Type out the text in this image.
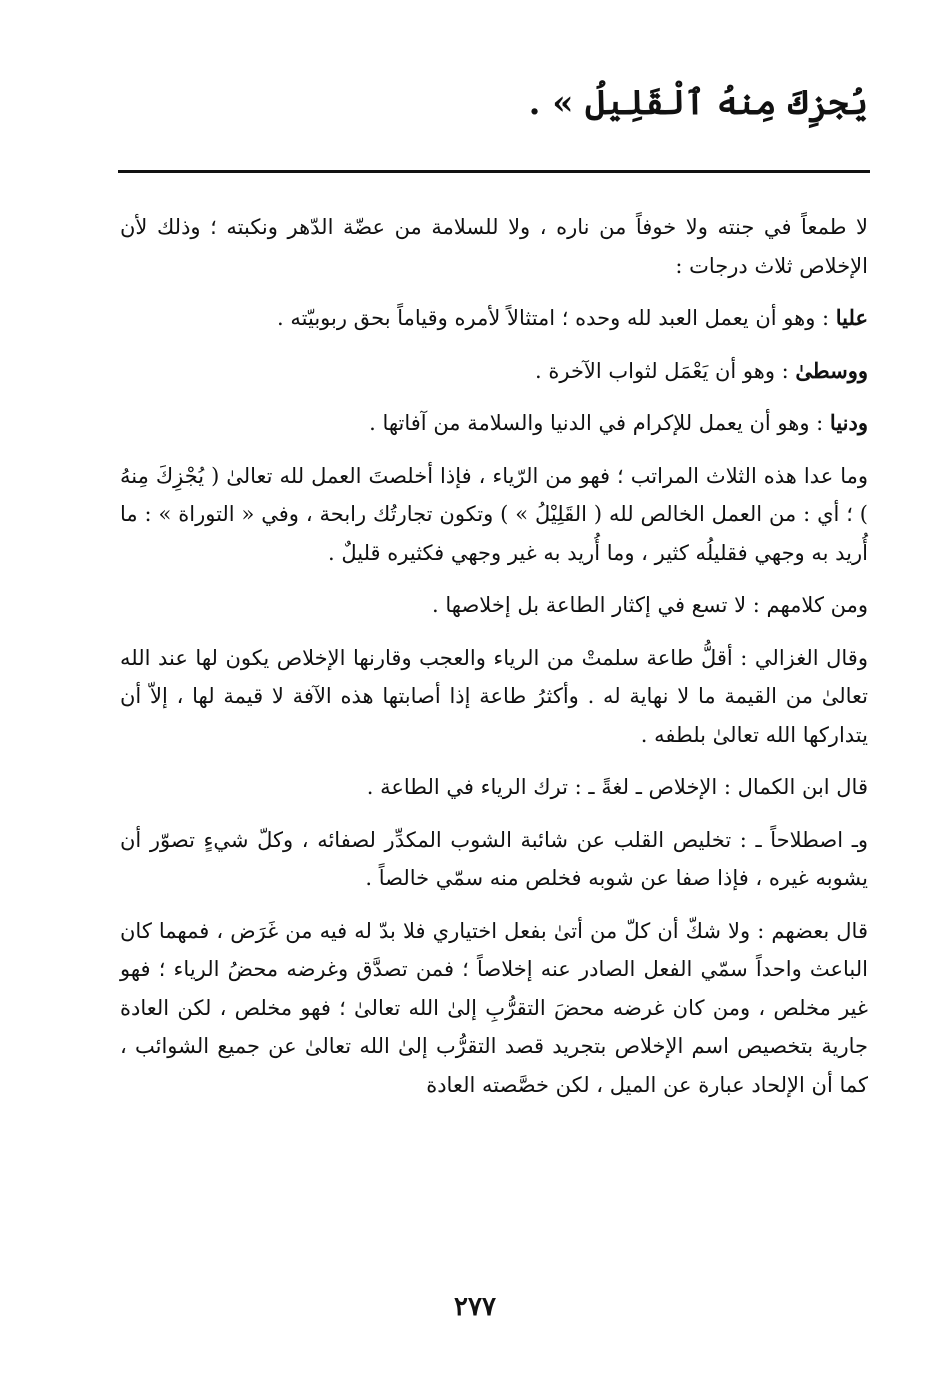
يُجزِكَ مِنهُ ٱلْقَلِيلُ » .

لا طمعاً في جنته ولا خوفاً من ناره ، ولا للسلامة من عضّة الدّهر ونكبته ؛ وذلك لأن الإخلاص ثلاث درجات :

عليا : وهو أن يعمل العبد لله وحده ؛ امتثالاً لأمره وقياماً بحق ربوبيّته .

ووسطىٰ : وهو أن يَعْمَل لثواب الآخرة .

ودنيا : وهو أن يعمل للإكرام في الدنيا والسلامة من آفاتها .

وما عدا هذه الثلاث المراتب ؛ فهو من الرّياء ، فإذا أخلصتَ العمل لله تعالىٰ ( يُجْزِكَ مِنهُ ) ؛ أي : من العمل الخالص لله ( القَلِيْلُ » ) وتكون تجارتُك رابحة ، وفي « التوراة » : ما أُريد به وجهي فقليلُه كثير ، وما أُريد به غير وجهي فكثيره قليلٌ .

ومن كلامهم : لا تسع في إكثار الطاعة بل إخلاصها .

وقال الغزالي : أقلُّ طاعة سلمتْ من الرياء والعجب وقارنها الإخلاص يكون لها عند الله تعالىٰ من القيمة ما لا نهاية له . وأكثرُ طاعة إذا أصابتها هذه الآفة لا قيمة لها ، إلاّ أن يتداركها الله تعالىٰ بلطفه .

قال ابن الكمال : الإخلاص ـ لغةً ـ : ترك الرياء في الطاعة .

وـ اصطلاحاً ـ : تخليص القلب عن شائبة الشوب المكدِّر لصفائه ، وكلّ شيءٍ تصوّر أن يشوبه غيره ، فإذا صفا عن شوبه فخلص منه سمّي خالصاً .

قال بعضهم : ولا شكّ أن كلّ من أتىٰ بفعل اختياري فلا بدّ له فيه من غَرَض ، فمهما كان الباعث واحداً سمّي الفعل الصادر عنه إخلاصاً ؛ فمن تصدَّق وغرضه محضُ الرياء ؛ فهو غير مخلص ، ومن كان غرضه محضَ التقرُّبِ إلىٰ الله تعالىٰ ؛ فهو مخلص ، لكن العادة جارية بتخصيص اسم الإخلاص بتجريد قصد التقرُّب إلىٰ الله تعالىٰ عن جميع الشوائب ، كما أن الإلحاد عبارة عن الميل ، لكن خصَّصته العادة

٢٧٧
